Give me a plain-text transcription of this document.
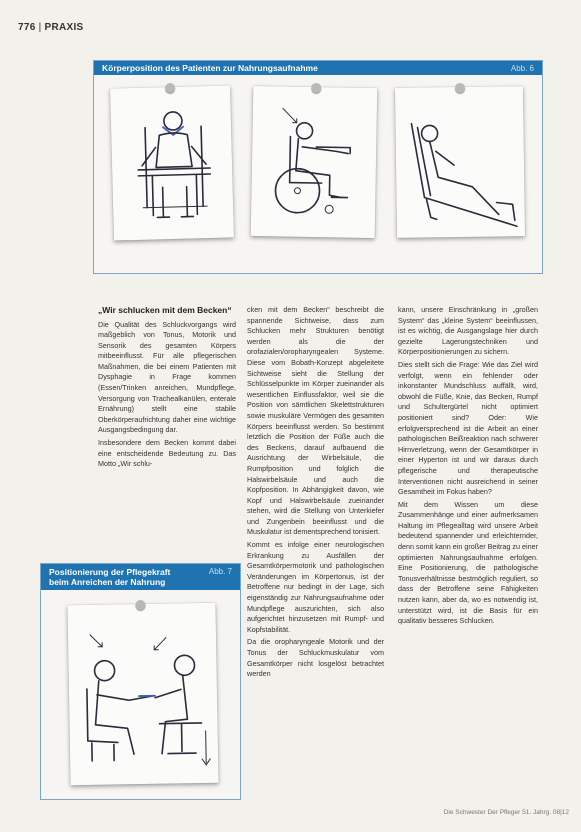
776 | PRAXIS
Körperposition des Patienten zur Nahrungsaufnahme	Abb. 6
„Wir schlucken mit dem Becken“

Die Qualität des Schluckvorgangs wird maßgeblich von Tonus, Motorik und Sensorik des gesamten Körpers mitbeeinflusst. Für alle pflegerischen Maßnahmen, die bei einem Patienten mit Dysphagie in Frage kommen (Essen/Trinken anreichen, Mundpflege, Versorgung von Trachealkanülen, enterale Ernährung) stellt eine stabile Oberkörperaufrichtung daher eine wichtige Ausgangsbedingung dar.

Insbesondere dem Becken kommt dabei eine entscheidende Bedeutung zu. Das Motto „Wir schlu-

Positionierung der Pflegekraft
beim Anreichen der Nahrung
Abb. 7

cken mit dem Becken“ beschreibt die spannende Sichtweise, dass zum Schlucken mehr Strukturen benötigt werden als die der orofazialen/oropharyngealen Systeme. Diese vom Bobath-Konzept abgeleitete Sichtweise sieht die Stellung der Schlüsselpunkte im Körper zueinander als wesentlichen Einflussfaktor, weil sie die Position von sämtlichen Skelettstrukturen sowie muskuläre Vermögen des gesamten Körpers beeinflusst werden. So bestimmt letztlich die Position der Füße auch die des Beckens, darauf aufbauend die Ausrichtung der Wirbelsäule, die Rumpfposition und folglich die Halswirbelsäule und auch die Kopfposition. In Abhängigkeit davon, wie Kopf und Halswirbelsäule zueinander stehen, wird die Stellung von Unterkiefer und Zungenbein beeinflusst und die Muskulatur ist dementsprechend tonisiert.

Kommt es infolge einer neurologischen Erkrankung zu Ausfällen der Gesamtkörpermotorik und pathologischen Veränderungen im Körpertonus, ist der Betroffene nur bedingt in der Lage, sich eigenständig zur Nahrungsaufnahme oder Mundpflege auszurichten, sich also aufgerichtet hinzusetzen mit Rumpf- und Kopfstabilität.

Da die oropharyngeale Motorik und der Tonus der Schluckmuskulatur vom Gesamtkörper nicht losgelöst betrachtet werden

kann, unsere Einschränkung in „großen System“ das „kleine System“ beeinflussen, ist es wichtig, die Ausgangslage hier durch gezielte Lagerungstechniken und Körperpositionierungen zu sichern.

Dies stellt sich die Frage: Wie das Ziel wird verfolgt, wenn ein fehlender oder inkonstanter Mundschluss auffällt, wird, obwohl die Füße, Knie, das Becken, Rumpf und Schultergürtel nicht optimiert positioniert sind? Oder: Wie erfolgversprechend ist die Arbeit an einer pathologischen Beißreaktion nach schwerer Hirnverletzung, wenn der Gesamtkörper in einer Hyperton ist und wir daraus durch pflegerische und therapeutische Interventionen nicht ausreichend in seiner Gesamtheit im Fokus haben?

Mit dem Wissen um diese Zusammenhänge und einer aufmerksamen Haltung im Pflegealltag wird unsere Arbeit bedeutend spannender und erleichternder, denn somit kann ein großer Beitrag zu einer optimierten Nahrungsaufnahme erfolgen. Eine Positionierung, die pathologische Tonusverhältnisse bestmöglich reguliert, so dass der Betroffene seine Fähigkeiten nutzen kann, aber da, wo es notwendig ist, unterstützt wird, ist die Basis für ein qualitativ besseres Schlucken.

Die Schwester Der Pfleger 51. Jahrg. 08|12
